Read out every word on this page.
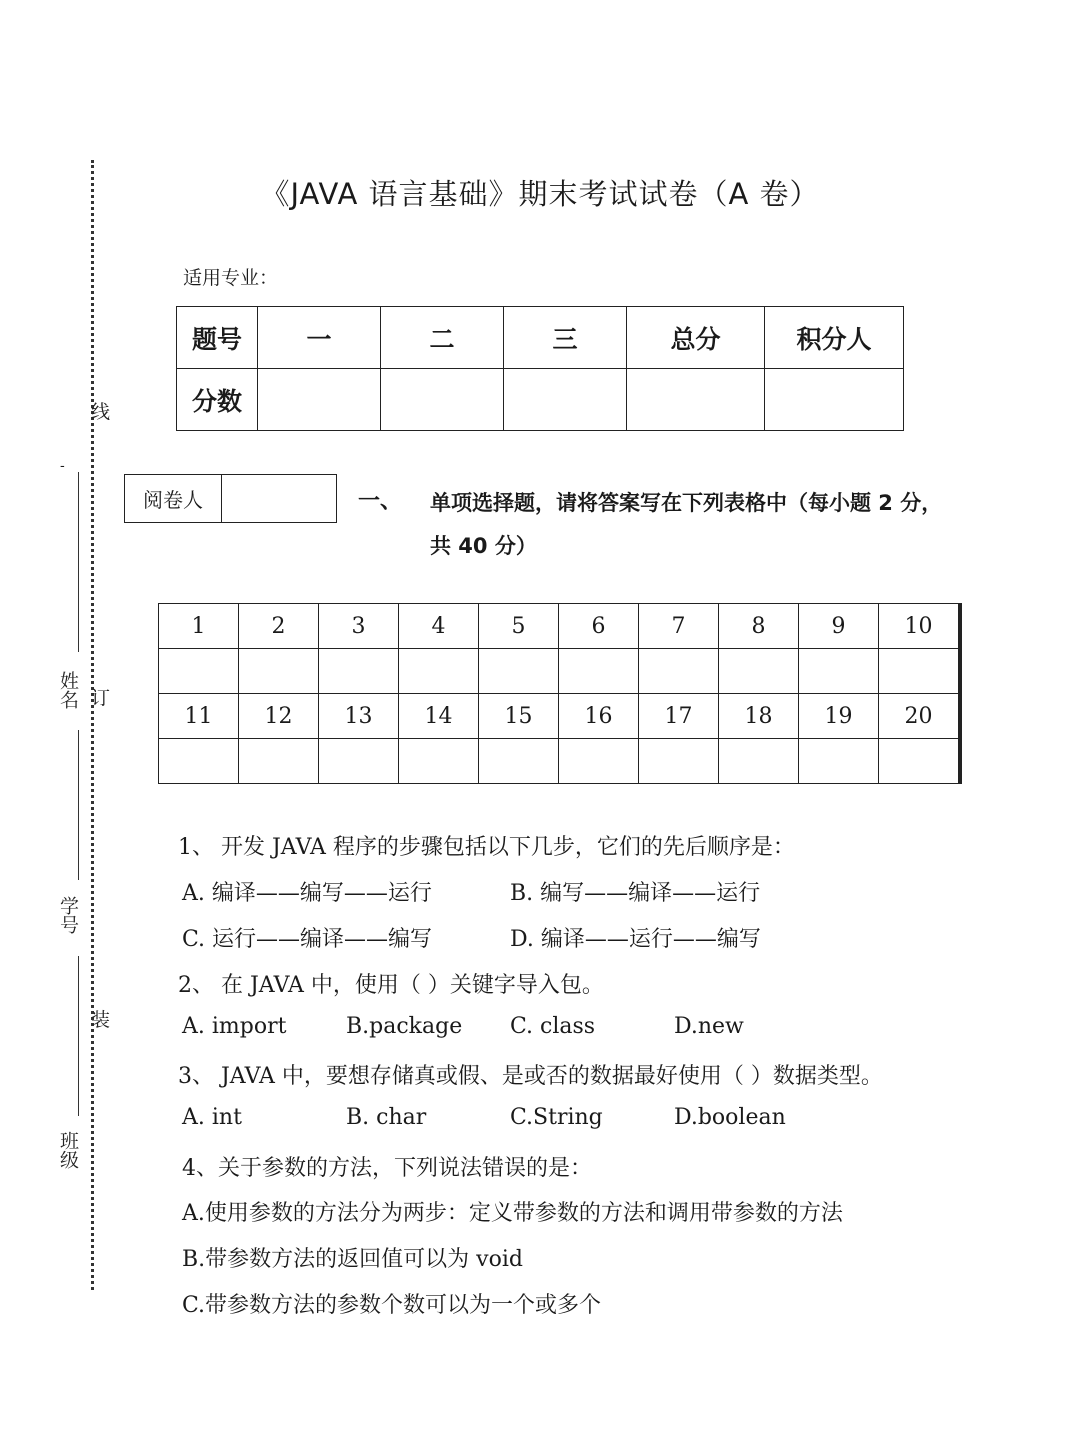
线
-
姓名 订
学号
装
班级
《JAVA 语言基础》期末考试试卷（A 卷）
适用专业：
题号	一	二	三	总分	积分人
分数					
阅卷人		一、 单项选择题，请将答案写在下列表格中（每小题 2 分，共 40 分）
1	2	3	4	5	6	7	8	9	10

11	12	13	14	15	16	17	18	19	20

1、 开发 JAVA 程序的步骤包括以下几步，它们的先后顺序是：
A. 编译——编写——运行	B. 编写——编译——运行
C. 运行——编译——编写	D. 编译——运行——编写
2、 在 JAVA 中，使用（ ）关键字导入包。
A. import	B.package C. class	D.new
3、 JAVA 中，要想存储真或假、是或否的数据最好使用（ ）数据类型。
A. int	B. char	C.String	D.boolean
4、关于参数的方法，下列说法错误的是：
A.使用参数的方法分为两步：定义带参数的方法和调用带参数的方法
B.带参数方法的返回值可以为 void
C.带参数方法的参数个数可以为一个或多个
